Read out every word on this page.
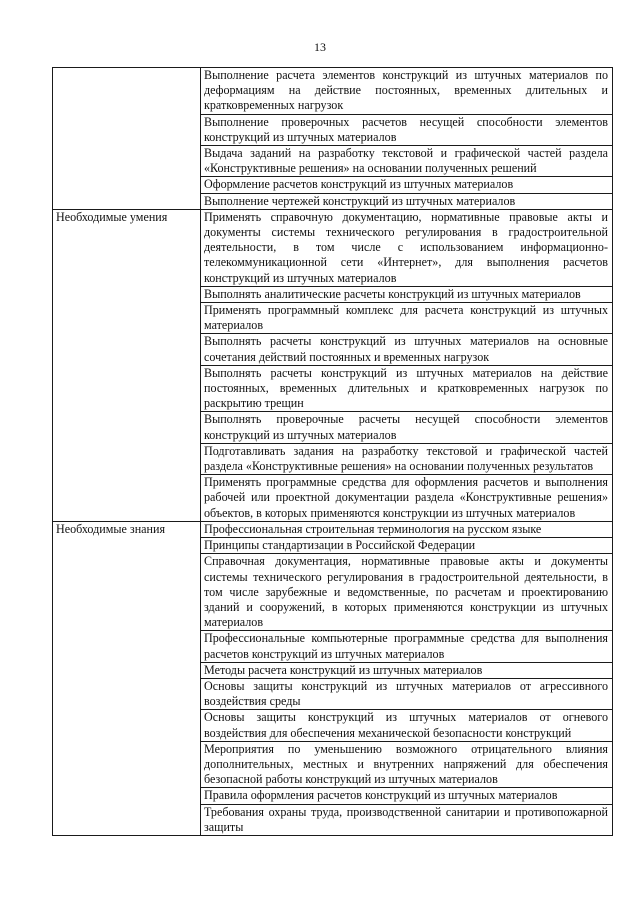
13
	Выполнение расчета элементов конструкций из штучных материалов по деформациям на действие постоянных, временных длительных и кратковременных нагрузок
	Выполнение проверочных расчетов несущей способности элементов конструкций из штучных материалов
	Выдача заданий на разработку текстовой и графической частей раздела «Конструктивные решения» на основании полученных решений
	Оформление расчетов конструкций из штучных материалов
	Выполнение чертежей конструкций из штучных материалов
Необходимые умения	Применять справочную документацию, нормативные правовые акты и документы системы технического регулирования в градостроительной деятельности, в том числе с использованием информационно-телекоммуникационной сети «Интернет», для выполнения расчетов конструкций из штучных материалов
	Выполнять аналитические расчеты конструкций из штучных материалов
	Применять программный комплекс для расчета конструкций из штучных материалов
	Выполнять расчеты конструкций из штучных материалов на основные сочетания действий постоянных и временных нагрузок
	Выполнять расчеты конструкций из штучных материалов на действие постоянных, временных длительных и кратковременных нагрузок по раскрытию трещин
	Выполнять проверочные расчеты несущей способности элементов конструкций из штучных материалов
	Подготавливать задания на разработку текстовой и графической частей раздела «Конструктивные решения» на основании полученных результатов
	Применять программные средства для оформления расчетов и выполнения рабочей или проектной документации раздела «Конструктивные решения» объектов, в которых применяются конструкции из штучных материалов
Необходимые знания	Профессиональная строительная терминология на русском языке
	Принципы стандартизации в Российской Федерации
	Справочная документация, нормативные правовые акты и документы системы технического регулирования в градостроительной деятельности, в том числе зарубежные и ведомственные, по расчетам и проектированию зданий и сооружений, в которых применяются конструкции из штучных материалов
	Профессиональные компьютерные программные средства для выполнения расчетов конструкций из штучных материалов
	Методы расчета конструкций из штучных материалов
	Основы защиты конструкций из штучных материалов от агрессивного воздействия среды
	Основы защиты конструкций из штучных материалов от огневого воздействия для обеспечения механической безопасности конструкций
	Мероприятия по уменьшению возможного отрицательного влияния дополнительных, местных и внутренних напряжений для обеспечения безопасной работы конструкций из штучных материалов
	Правила оформления расчетов конструкций из штучных материалов
	Требования охраны труда, производственной санитарии и противопожарной защиты
